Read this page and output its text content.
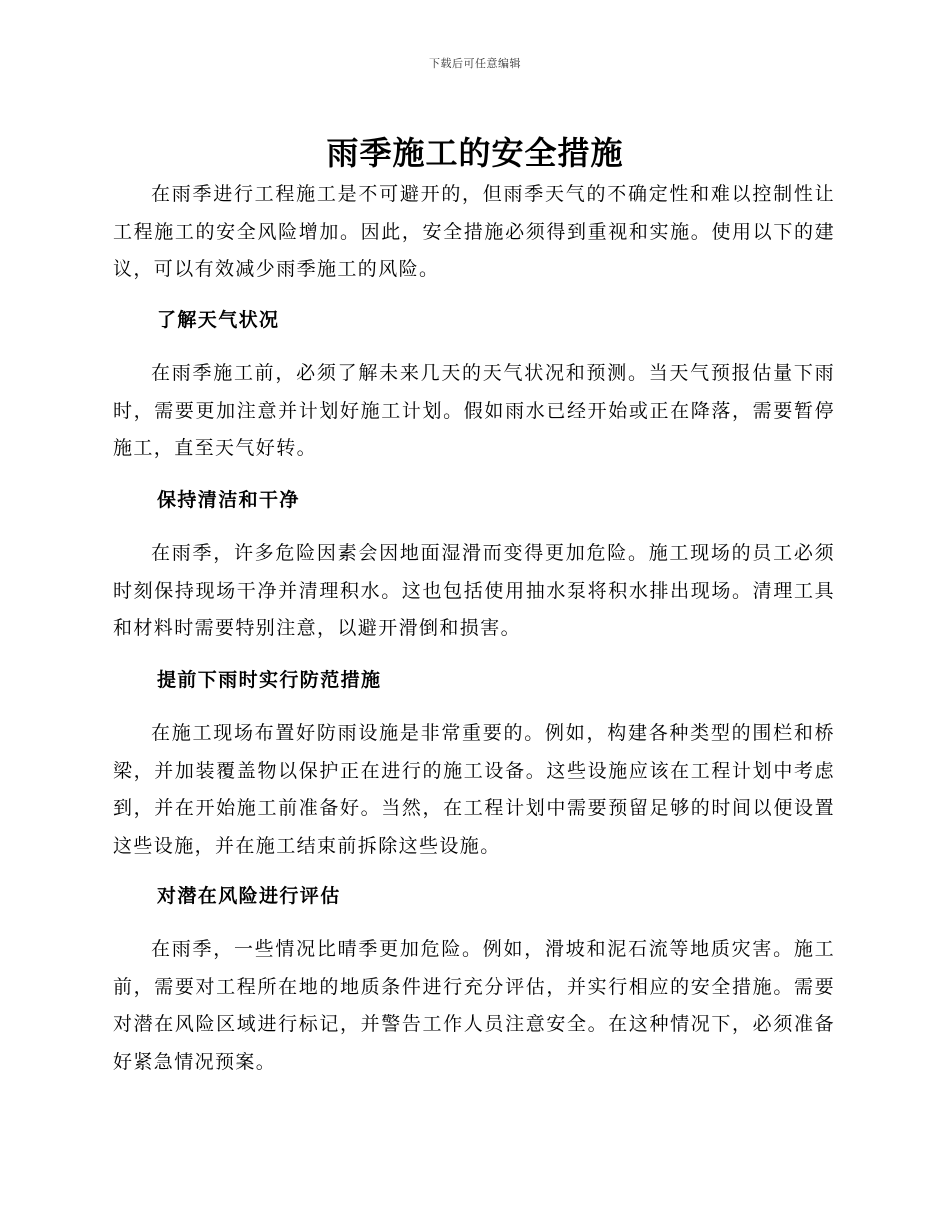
下载后可任意编辑
雨季施工的安全措施

在雨季进行工程施工是不可避开的，但雨季天气的不确定性和难以控制性让工程施工的安全风险增加。因此，安全措施必须得到重视和实施。使用以下的建议，可以有效减少雨季施工的风险。

了解天气状况

在雨季施工前，必须了解未来几天的天气状况和预测。当天气预报估量下雨时，需要更加注意并计划好施工计划。假如雨水已经开始或正在降落，需要暂停施工，直至天气好转。

保持清洁和干净

在雨季，许多危险因素会因地面湿滑而变得更加危险。施工现场的员工必须时刻保持现场干净并清理积水。这也包括使用抽水泵将积水排出现场。清理工具和材料时需要特别注意，以避开滑倒和损害。

提前下雨时实行防范措施

在施工现场布置好防雨设施是非常重要的。例如，构建各种类型的围栏和桥梁，并加装覆盖物以保护正在进行的施工设备。这些设施应该在工程计划中考虑到，并在开始施工前准备好。当然，在工程计划中需要预留足够的时间以便设置这些设施，并在施工结束前拆除这些设施。

对潜在风险进行评估

在雨季，一些情况比晴季更加危险。例如，滑坡和泥石流等地质灾害。施工前，需要对工程所在地的地质条件进行充分评估，并实行相应的安全措施。需要对潜在风险区域进行标记，并警告工作人员注意安全。在这种情况下，必须准备好紧急情况预案。
